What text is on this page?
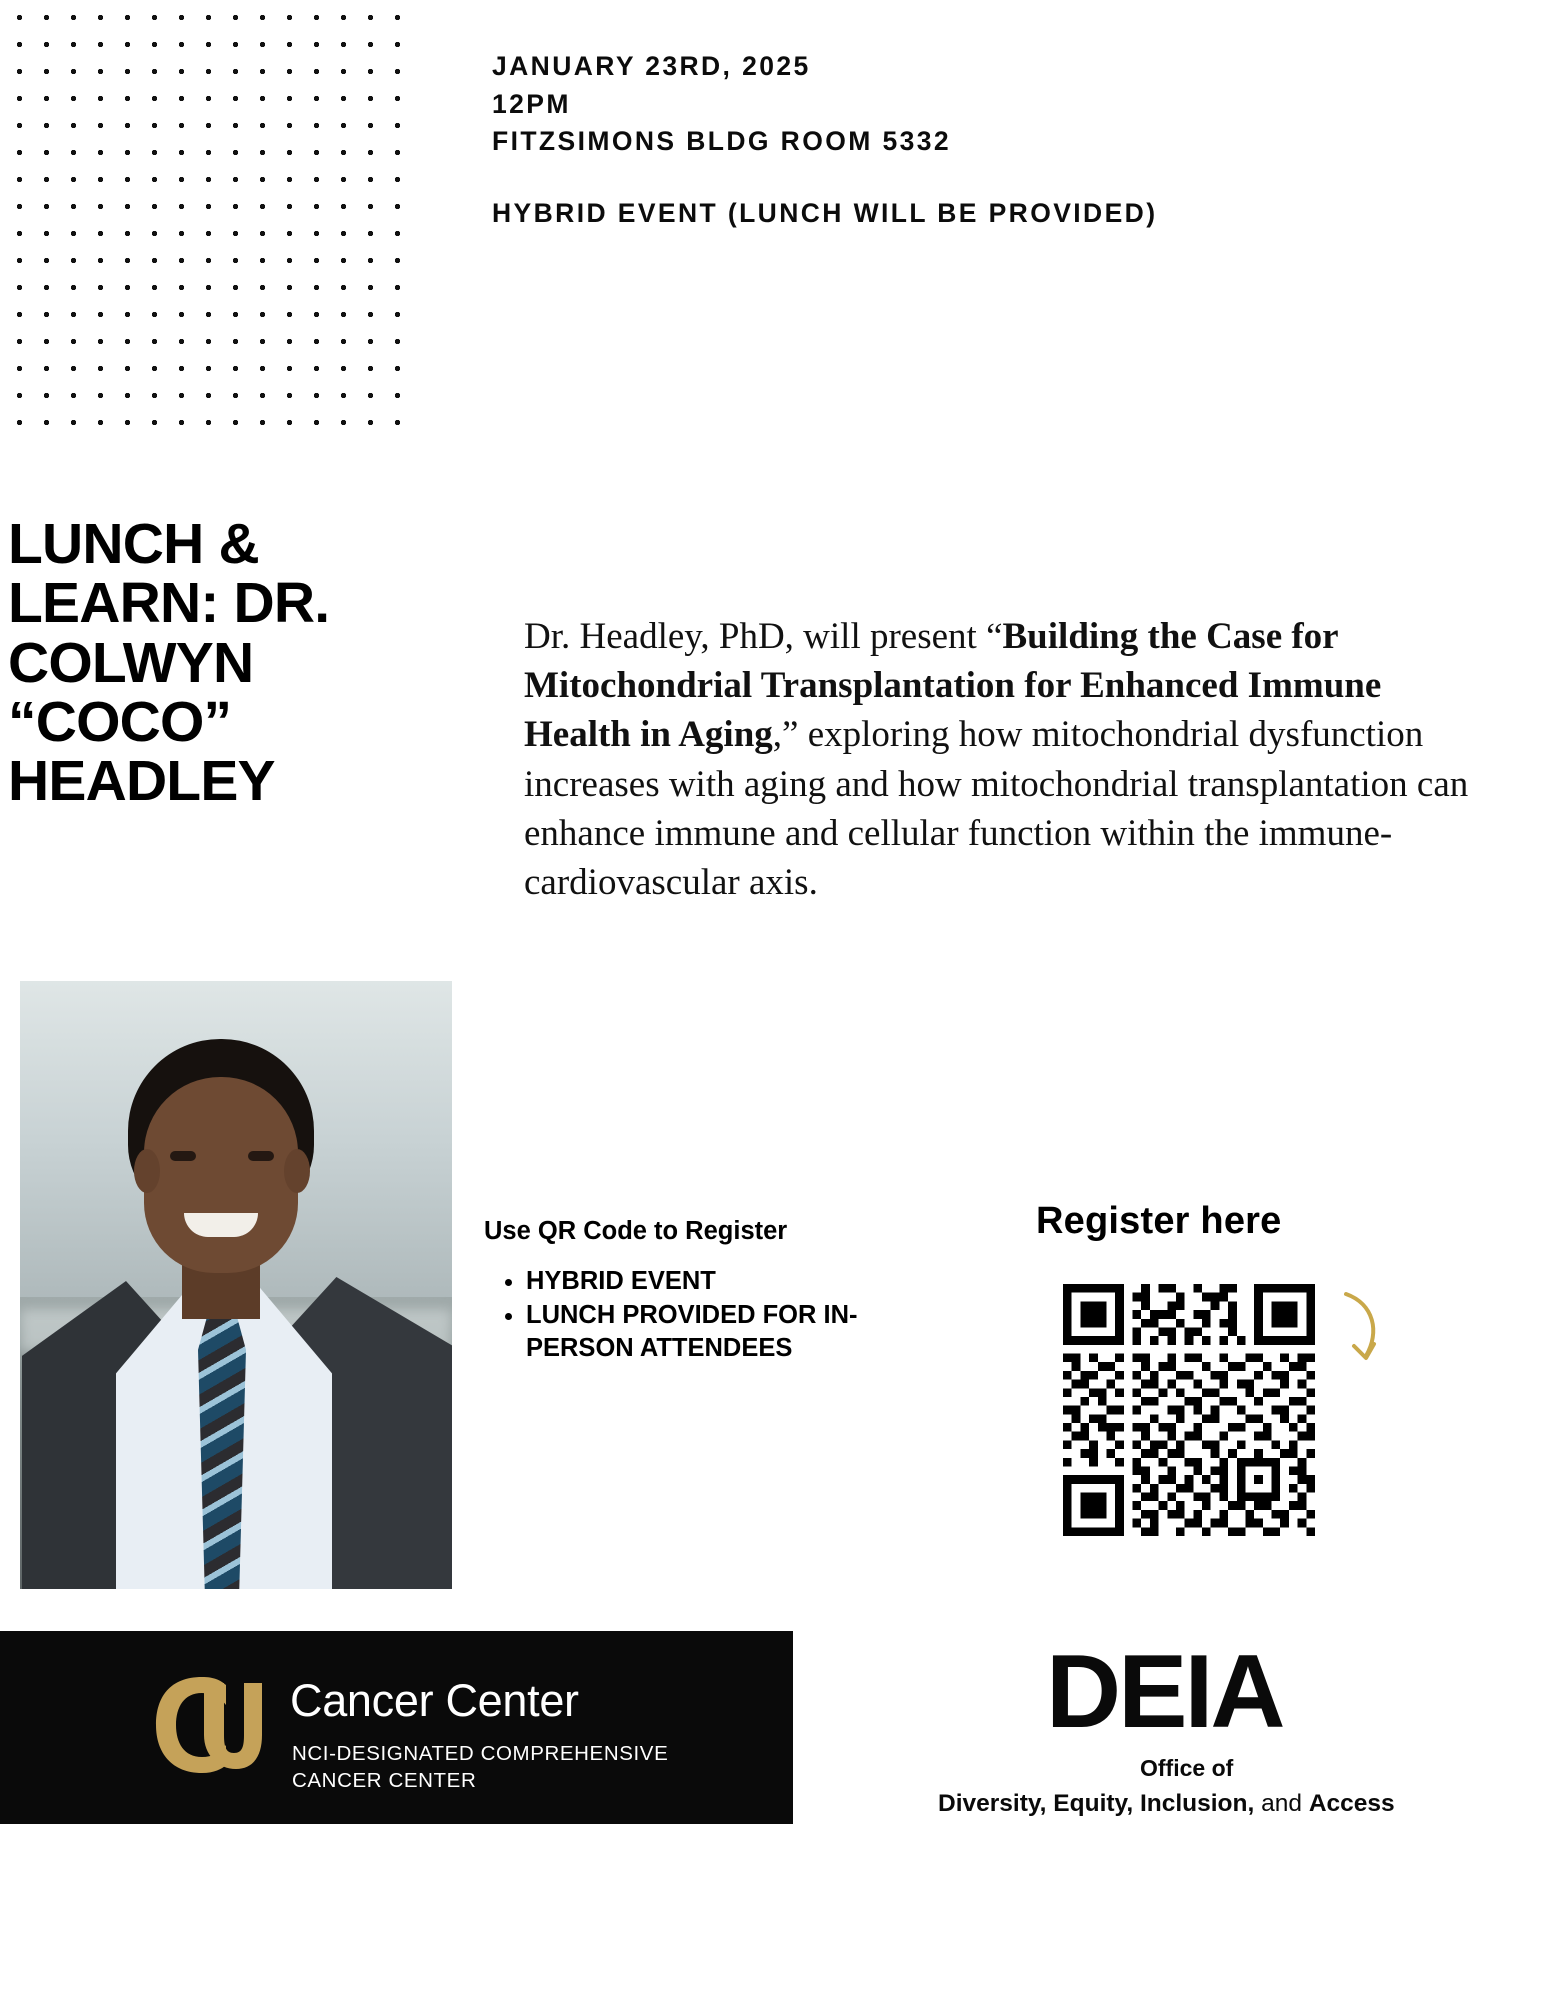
JANUARY 23RD, 2025
12PM
FITZSIMONS BLDG ROOM 5332
HYBRID EVENT (LUNCH WILL BE PROVIDED)
LUNCH & LEARN: DR. COLWYN “COCO” HEADLEY

Dr. Headley, PhD, will present “Building the Case for Mitochondrial Transplantation for Enhanced Immune Health in Aging,” exploring how mitochondrial dysfunction increases with aging and how mitochondrial transplantation can enhance immune and cellular function within the immune-cardiovascular axis.

Use QR Code to Register
• HYBRID EVENT
• LUNCH PROVIDED FOR IN-PERSON ATTENDEES
Register here
Cancer Center
NCI-DESIGNATED COMPREHENSIVE
CANCER CENTER
DEIA
Office of
Diversity, Equity, Inclusion, and Access
